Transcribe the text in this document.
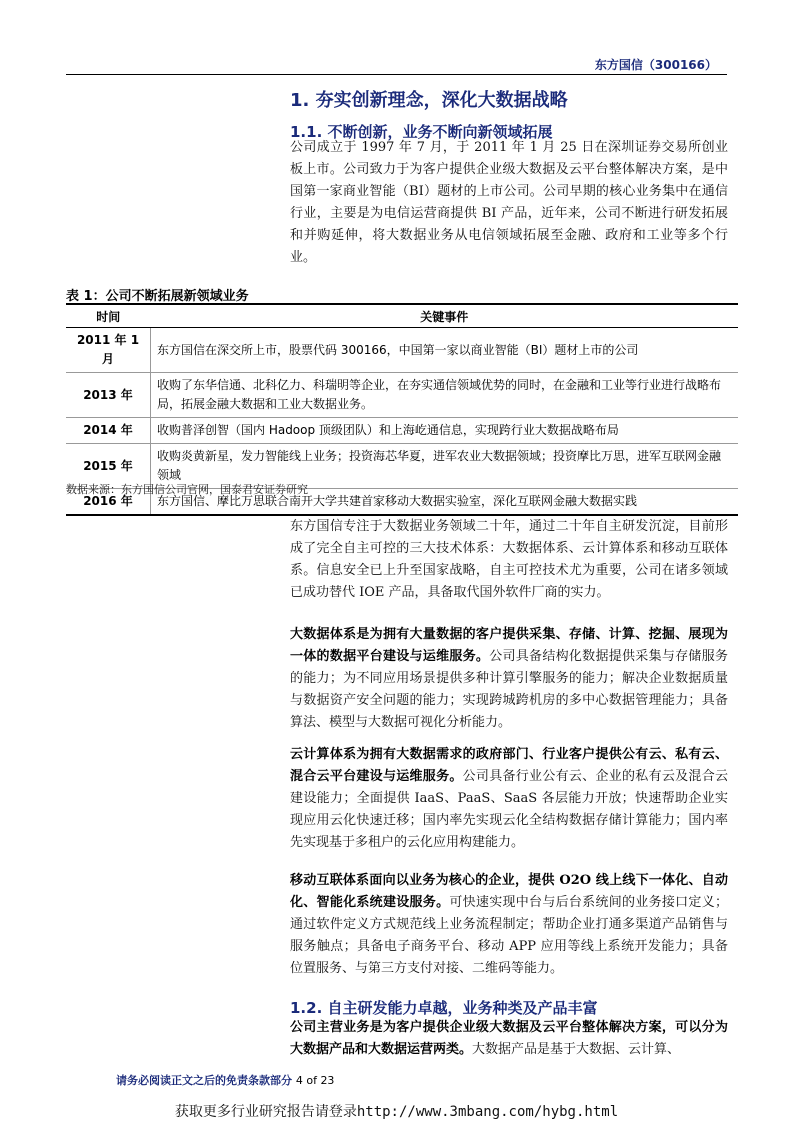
东方国信（300166）
1. 夯实创新理念，深化大数据战略
1.1. 不断创新，业务不断向新领域拓展
公司成立于 1997 年 7 月，于 2011 年 1 月 25 日在深圳证券交易所创业板上市。公司致力于为客户提供企业级大数据及云平台整体解决方案，是中国第一家商业智能（BI）题材的上市公司。公司早期的核心业务集中在通信行业，主要是为电信运营商提供 BI 产品，近年来，公司不断进行研发拓展和并购延伸，将大数据业务从电信领域拓展至金融、政府和工业等多个行业。
表 1：公司不断拓展新领域业务
时间	关键事件
2011 年 1 月	东方国信在深交所上市，股票代码 300166，中国第一家以商业智能（BI）题材上市的公司
2013 年	收购了东华信通、北科亿力、科瑞明等企业，在夯实通信领域优势的同时，在金融和工业等行业进行战略布局，拓展金融大数据和工业大数据业务。
2014 年	收购普泽创智（国内 Hadoop 顶级团队）和上海屹通信息，实现跨行业大数据战略布局
2015 年	收购炎黄新星，发力智能线上业务；投资海芯华夏，进军农业大数据领域；投资摩比万思，进军互联网金融领域
2016 年	东方国信、摩比万思联合南开大学共建首家移动大数据实验室，深化互联网金融大数据实践
数据来源：东方国信公司官网，国泰君安证券研究
东方国信专注于大数据业务领域二十年，通过二十年自主研发沉淀，目前形成了完全自主可控的三大技术体系：大数据体系、云计算体系和移动互联体系。信息安全已上升至国家战略，自主可控技术尤为重要，公司在诸多领域已成功替代 IOE 产品，具备取代国外软件厂商的实力。
大数据体系是为拥有大量数据的客户提供采集、存储、计算、挖掘、展现为一体的数据平台建设与运维服务。公司具备结构化数据提供采集与存储服务的能力；为不同应用场景提供多种计算引擎服务的能力；解决企业数据质量与数据资产安全问题的能力；实现跨城跨机房的多中心数据管理能力；具备算法、模型与大数据可视化分析能力。
云计算体系为拥有大数据需求的政府部门、行业客户提供公有云、私有云、混合云平台建设与运维服务。公司具备行业公有云、企业的私有云及混合云建设能力；全面提供 IaaS、PaaS、SaaS 各层能力开放；快速帮助企业实现应用云化快速迁移；国内率先实现云化全结构数据存储计算能力；国内率先实现基于多租户的云化应用构建能力。
移动互联体系面向以业务为核心的企业，提供 O2O 线上线下一体化、自动化、智能化系统建设服务。可快速实现中台与后台系统间的业务接口定义；通过软件定义方式规范线上业务流程制定；帮助企业打通多渠道产品销售与服务触点；具备电子商务平台、移动 APP 应用等线上系统开发能力；具备位置服务、与第三方支付对接、二维码等能力。
1.2. 自主研发能力卓越，业务种类及产品丰富
公司主营业务是为客户提供企业级大数据及云平台整体解决方案，可以分为大数据产品和大数据运营两类。大数据产品是基于大数据、云计算、
请务必阅读正文之后的免责条款部分 4 of 23
获取更多行业研究报告请登录http://www.3mbang.com/hybg.html
